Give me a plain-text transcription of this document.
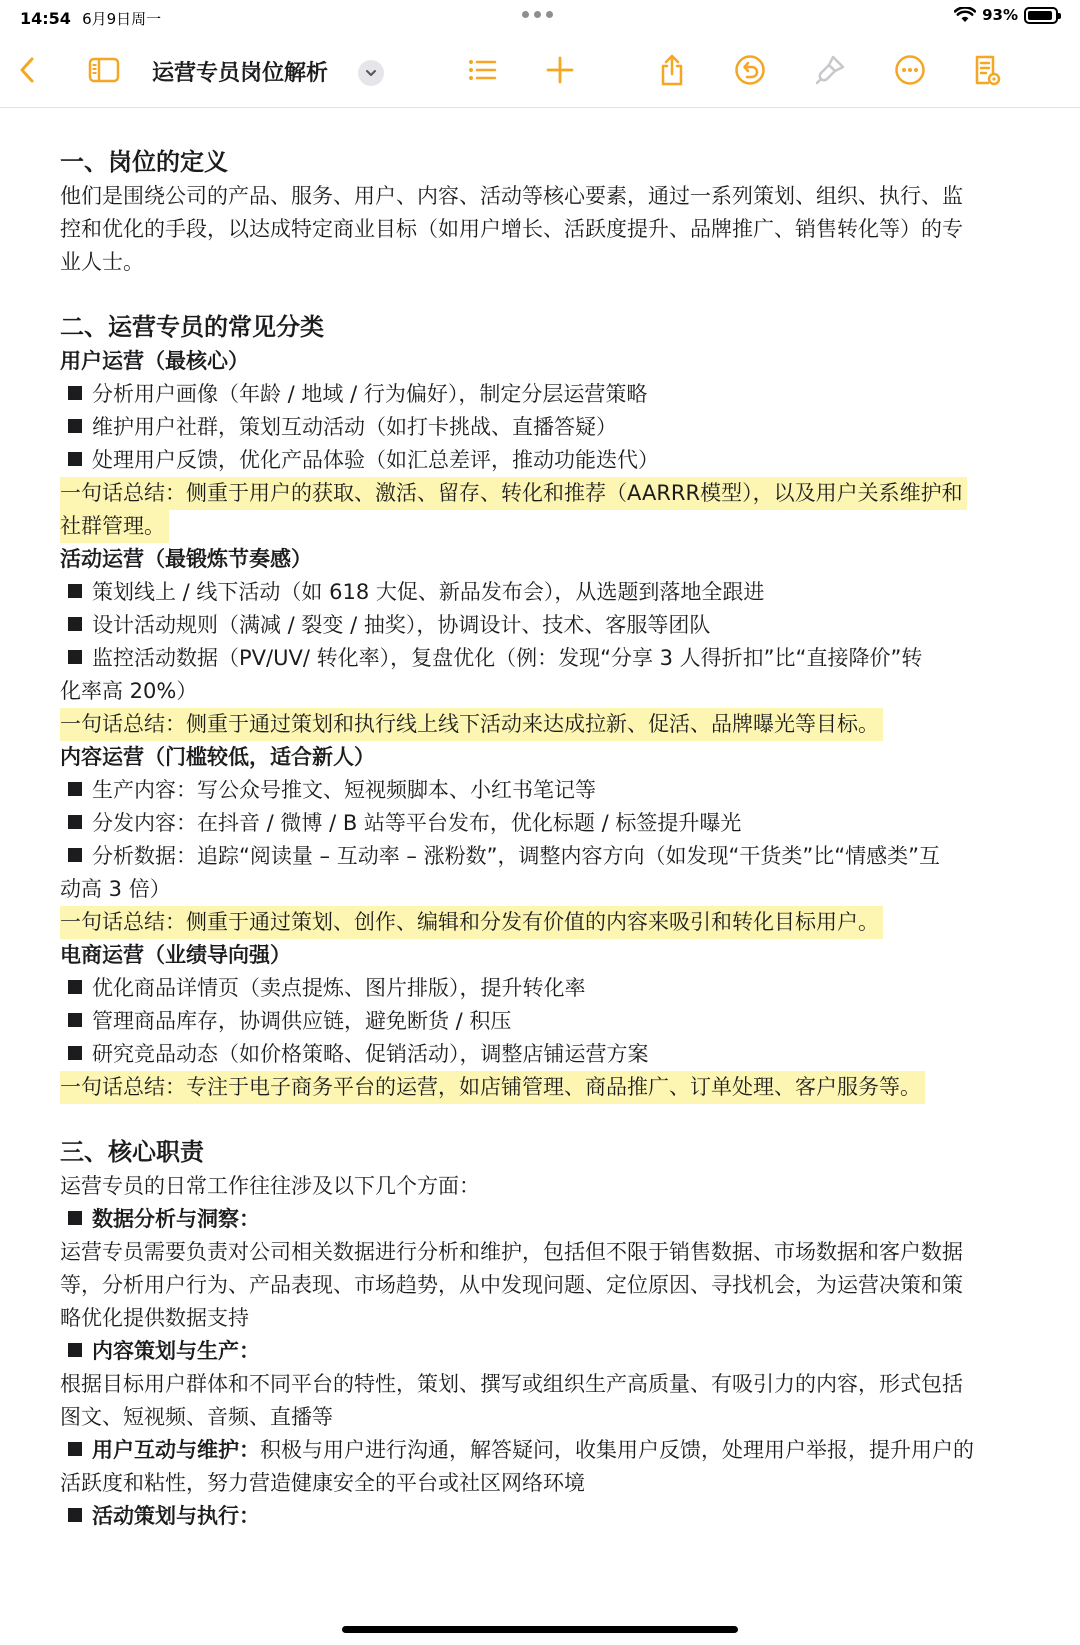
14:54 6月9日周一	93%
运营专员岗位解析
一、岗位的定义
他们是围绕公司的产品、服务、用户、内容、活动等核心要素，通过一系列策划、组织、执行、监
控和优化的手段，以达成特定商业目标（如用户增长、活跃度提升、品牌推广、销售转化等）的专
业人士。
二、运营专员的常见分类
用户运营（最核心）
分析用户画像（年龄 / 地域 / 行为偏好），制定分层运营策略
维护用户社群，策划互动活动（如打卡挑战、直播答疑）
处理用户反馈，优化产品体验（如汇总差评，推动功能迭代）
一句话总结：侧重于用户的获取、激活、留存、转化和推荐（AARRR模型），以及用户关系维护和
社群管理。
活动运营（最锻炼节奏感）
策划线上 / 线下活动（如 618 大促、新品发布会），从选题到落地全跟进
设计活动规则（满减 / 裂变 / 抽奖），协调设计、技术、客服等团队
监控活动数据（PV/UV/ 转化率），复盘优化（例：发现“分享 3 人得折扣”比“直接降价”转
化率高 20%）
一句话总结：侧重于通过策划和执行线上线下活动来达成拉新、促活、品牌曝光等目标。
内容运营（门槛较低，适合新人）
生产内容：写公众号推文、短视频脚本、小红书笔记等
分发内容：在抖音 / 微博 / B 站等平台发布，优化标题 / 标签提升曝光
分析数据：追踪“阅读量 – 互动率 – 涨粉数”，调整内容方向（如发现“干货类”比“情感类”互
动高 3 倍）
一句话总结：侧重于通过策划、创作、编辑和分发有价值的内容来吸引和转化目标用户。
电商运营（业绩导向强）
优化商品详情页（卖点提炼、图片排版），提升转化率
管理商品库存，协调供应链，避免断货 / 积压
研究竞品动态（如价格策略、促销活动），调整店铺运营方案
一句话总结：专注于电子商务平台的运营，如店铺管理、商品推广、订单处理、客户服务等。
三、核心职责
运营专员的日常工作往往涉及以下几个方面：
数据分析与洞察：
运营专员需要负责对公司相关数据进行分析和维护，包括但不限于销售数据、市场数据和客户数据
等，分析用户行为、产品表现、市场趋势，从中发现问题、定位原因、寻找机会，为运营决策和策
略优化提供数据支持
内容策划与生产：
根据目标用户群体和不同平台的特性，策划、撰写或组织生产高质量、有吸引力的内容，形式包括
图文、短视频、音频、直播等
用户互动与维护：积极与用户进行沟通，解答疑问，收集用户反馈，处理用户举报，提升用户的
活跃度和粘性，努力营造健康安全的平台或社区网络环境
活动策划与执行：
